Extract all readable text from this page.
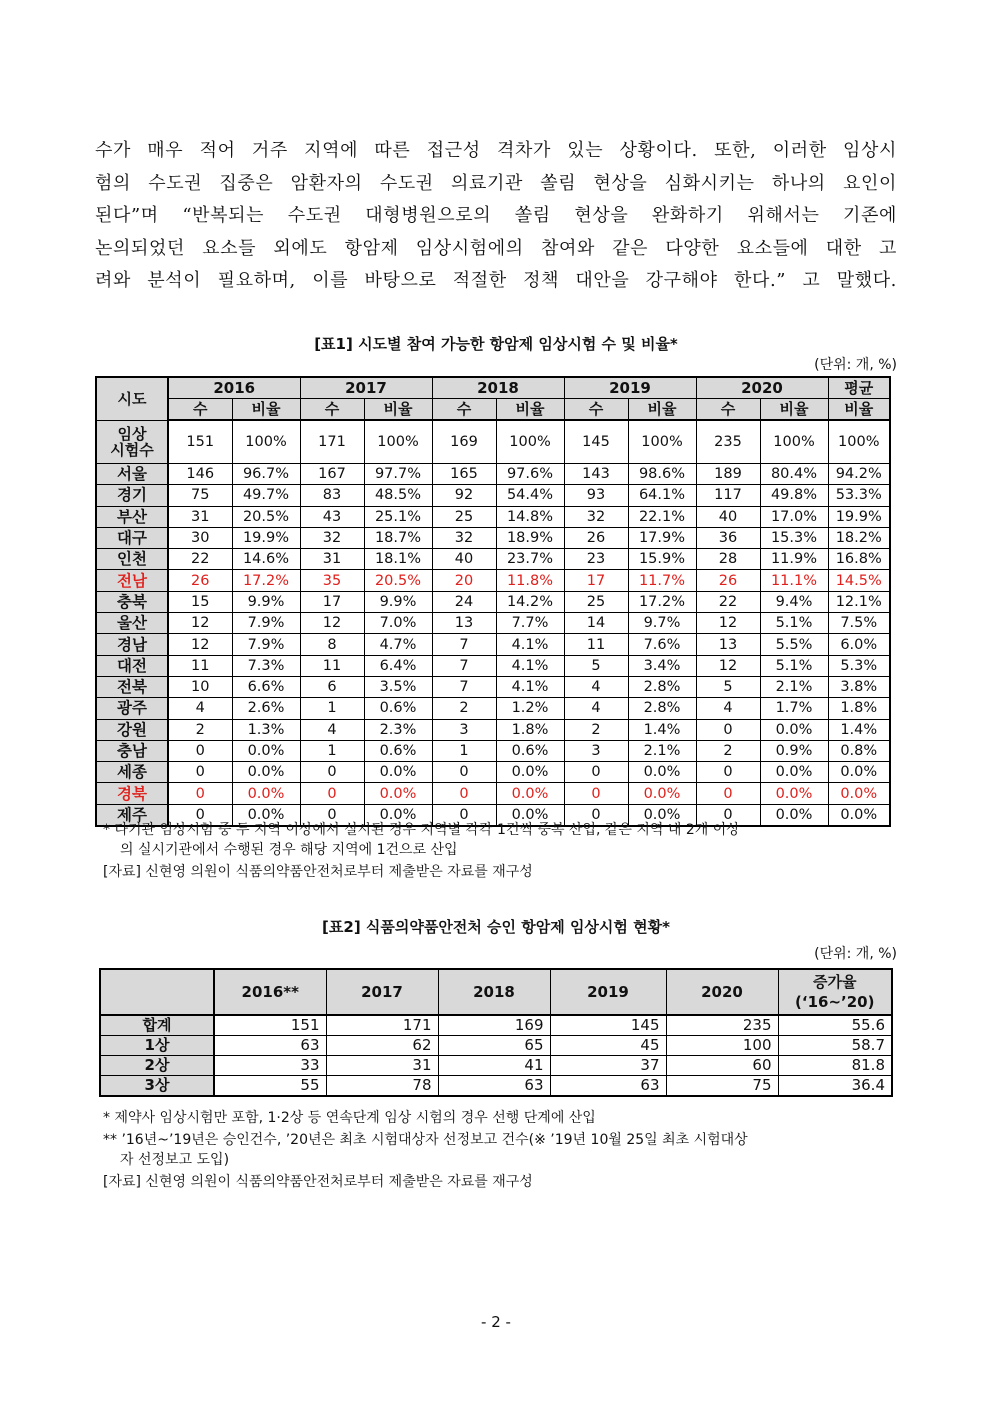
수가 매우 적어 거주 지역에 따른 접근성 격차가 있는 상황이다. 또한, 이러한 임상시
험의 수도권 집중은 암환자의 수도권 의료기관 쏠림 현상을 심화시키는 하나의 요인이
된다”며 “반복되는 수도권 대형병원으로의 쏠림 현상을 완화하기 위해서는 기존에
논의되었던 요소들 외에도 항암제 임상시험에의 참여와 같은 다양한 요소들에 대한 고
려와 분석이 필요하며, 이를 바탕으로 적절한 정책 대안을 강구해야 한다.” 고 말했다.
[표1] 시도별 참여 가능한 항암제 임상시험 수 및 비율*
(단위: 개, %)
시도	2016		2017		2018		2019		2020		평균
	수	비율	수	비율	수	비율	수	비율	수	비율	비율
임상
시험수	151	100%	171	100%	169	100%	145	100%	235	100%	100%
서울	146	96.7%	167	97.7%	165	97.6%	143	98.6%	189	80.4%	94.2%
경기	75	49.7%	83	48.5%	92	54.4%	93	64.1%	117	49.8%	53.3%
부산	31	20.5%	43	25.1%	25	14.8%	32	22.1%	40	17.0%	19.9%
대구	30	19.9%	32	18.7%	32	18.9%	26	17.9%	36	15.3%	18.2%
인천	22	14.6%	31	18.1%	40	23.7%	23	15.9%	28	11.9%	16.8%
전남	26	17.2%	35	20.5%	20	11.8%	17	11.7%	26	11.1%	14.5%
충북	15	9.9%	17	9.9%	24	14.2%	25	17.2%	22	9.4%	12.1%
울산	12	7.9%	12	7.0%	13	7.7%	14	9.7%	12	5.1%	7.5%
경남	12	7.9%	8	4.7%	7	4.1%	11	7.6%	13	5.5%	6.0%
대전	11	7.3%	11	6.4%	7	4.1%	5	3.4%	12	5.1%	5.3%
전북	10	6.6%	6	3.5%	7	4.1%	4	2.8%	5	2.1%	3.8%
광주	4	2.6%	1	0.6%	2	1.2%	4	2.8%	4	1.7%	1.8%
강원	2	1.3%	4	2.3%	3	1.8%	2	1.4%	0	0.0%	1.4%
충남	0	0.0%	1	0.6%	1	0.6%	3	2.1%	2	0.9%	0.8%
세종	0	0.0%	0	0.0%	0	0.0%	0	0.0%	0	0.0%	0.0%
경북	0	0.0%	0	0.0%	0	0.0%	0	0.0%	0	0.0%	0.0%
제주	0	0.0%	0	0.0%	0	0.0%	0	0.0%	0	0.0%	0.0%
* 다기관 임상시험 중 두 지역 이상에서 실시된 경우 지역별 각각 1건씩 중복 산입, 같은 지역 내 2개 이상
의 실시기관에서 수행된 경우 해당 지역에 1건으로 산입
[자료] 신현영 의원이 식품의약품안전처로부터 제출받은 자료를 재구성
[표2] 식품의약품안전처 승인 항암제 임상시험 현황*
(단위: 개, %)
	2016**	2017	2018	2019	2020	증가율
(‘16~’20)
합계	151	171	169	145	235	55.6
1상	63	62	65	45	100	58.7
2상	33	31	41	37	60	81.8
3상	55	78	63	63	75	36.4
* 제약사 임상시험만 포함, 1·2상 등 연속단계 임상 시험의 경우 선행 단계에 산입
** ’16년~’19년은 승인건수, ’20년은 최초 시험대상자 선정보고 건수(※ ’19년 10월 25일 최초 시험대상
자 선정보고 도입)
[자료] 신현영 의원이 식품의약품안전처로부터 제출받은 자료를 재구성
- 2 -
